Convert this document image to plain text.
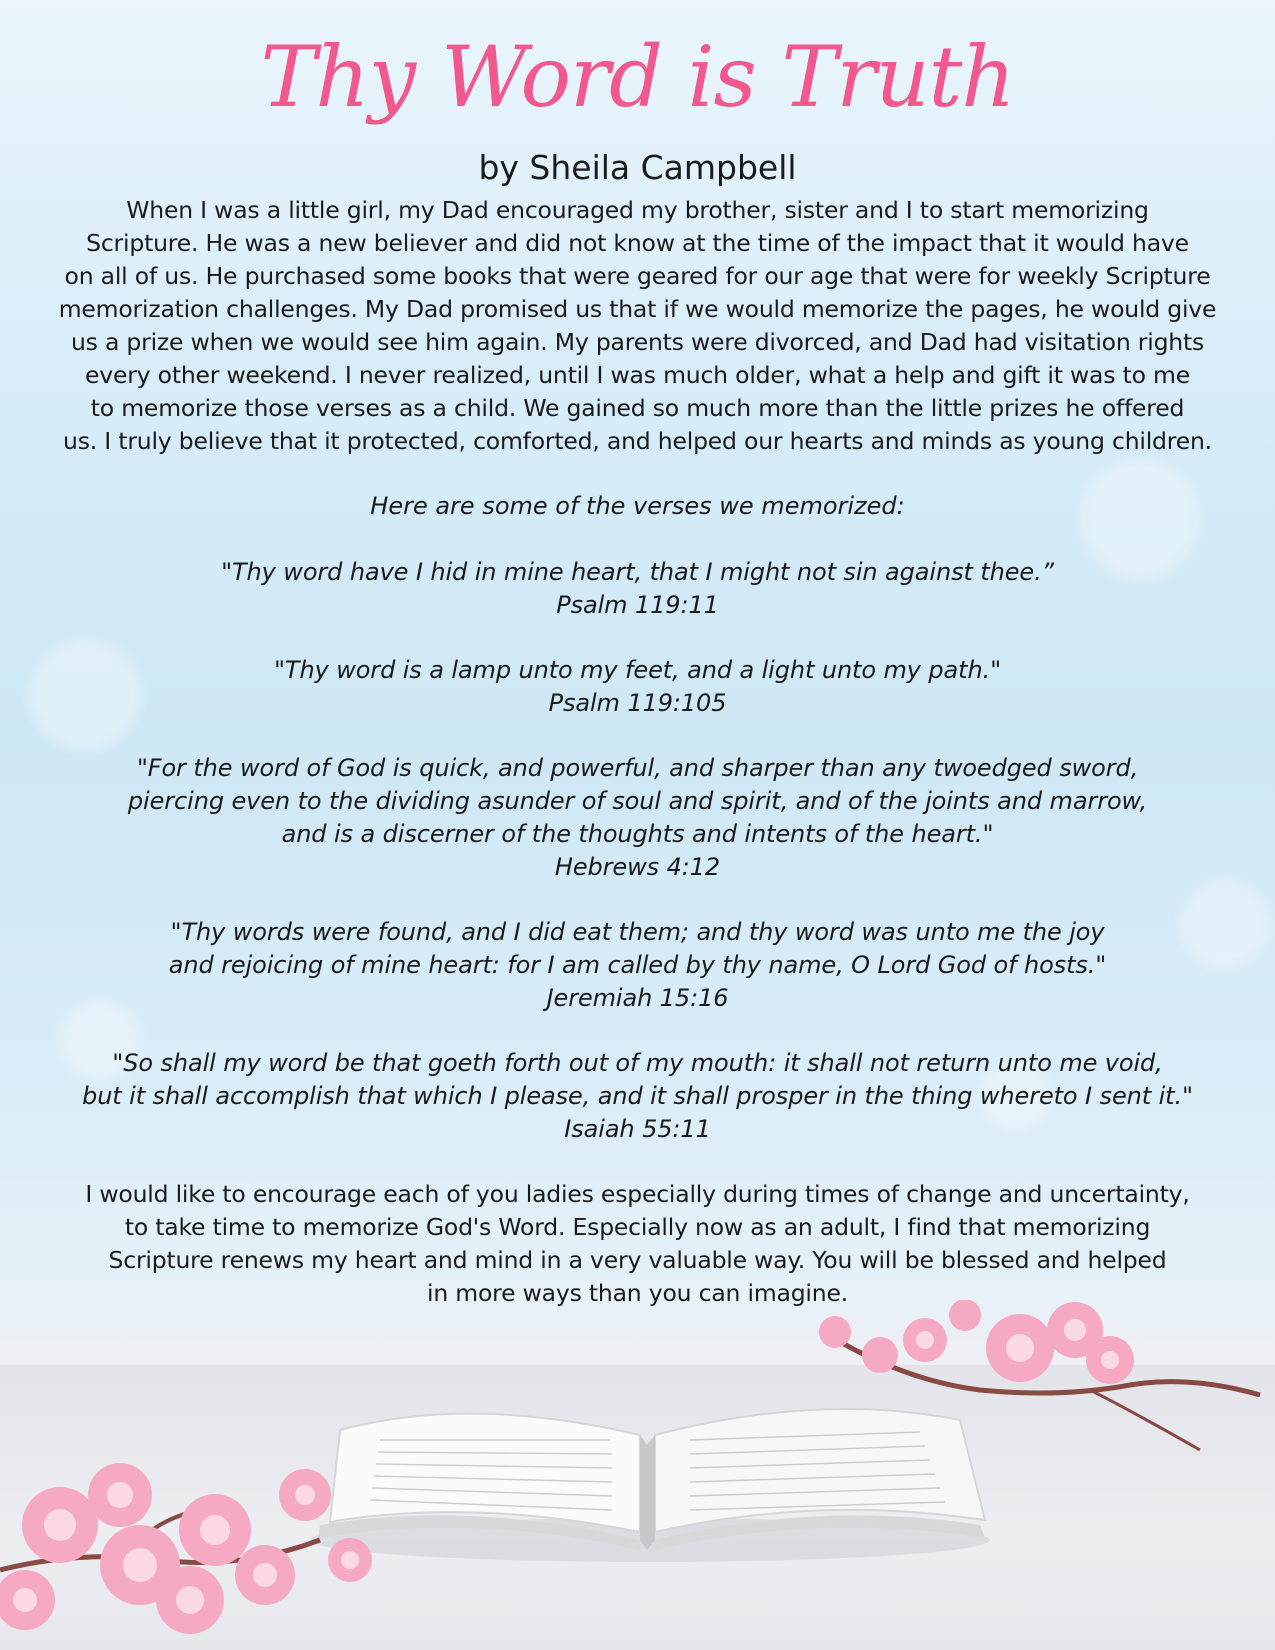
Thy Word is Truth
by Sheila Campbell
When I was a little girl, my Dad encouraged my brother, sister and I to start memorizing
Scripture. He was a new believer and did not know at the time of the impact that it would have
on all of us. He purchased some books that were geared for our age that were for weekly Scripture
memorization challenges. My Dad promised us that if we would memorize the pages, he would give
us a prize when we would see him again. My parents were divorced, and Dad had visitation rights
every other weekend. I never realized, until I was much older, what a help and gift it was to me
to memorize those verses as a child. We gained so much more than the little prizes he offered
us. I truly believe that it protected, comforted, and helped our hearts and minds as young children.
Here are some of the verses we memorized:
"Thy word have I hid in mine heart, that I might not sin against thee.”
Psalm 119:11
"Thy word is a lamp unto my feet, and a light unto my path."
Psalm 119:105
"For the word of God is quick, and powerful, and sharper than any twoedged sword,
piercing even to the dividing asunder of soul and spirit, and of the joints and marrow,
and is a discerner of the thoughts and intents of the heart."
Hebrews 4:12
"Thy words were found, and I did eat them; and thy word was unto me the joy
and rejoicing of mine heart: for I am called by thy name, O Lord God of hosts."
Jeremiah 15:16
"So shall my word be that goeth forth out of my mouth: it shall not return unto me void,
but it shall accomplish that which I please, and it shall prosper in the thing whereto I sent it."
Isaiah 55:11
I would like to encourage each of you ladies especially during times of change and uncertainty,
to take time to memorize God's Word. Especially now as an adult, I find that memorizing
Scripture renews my heart and mind in a very valuable way. You will be blessed and helped
in more ways than you can imagine.
